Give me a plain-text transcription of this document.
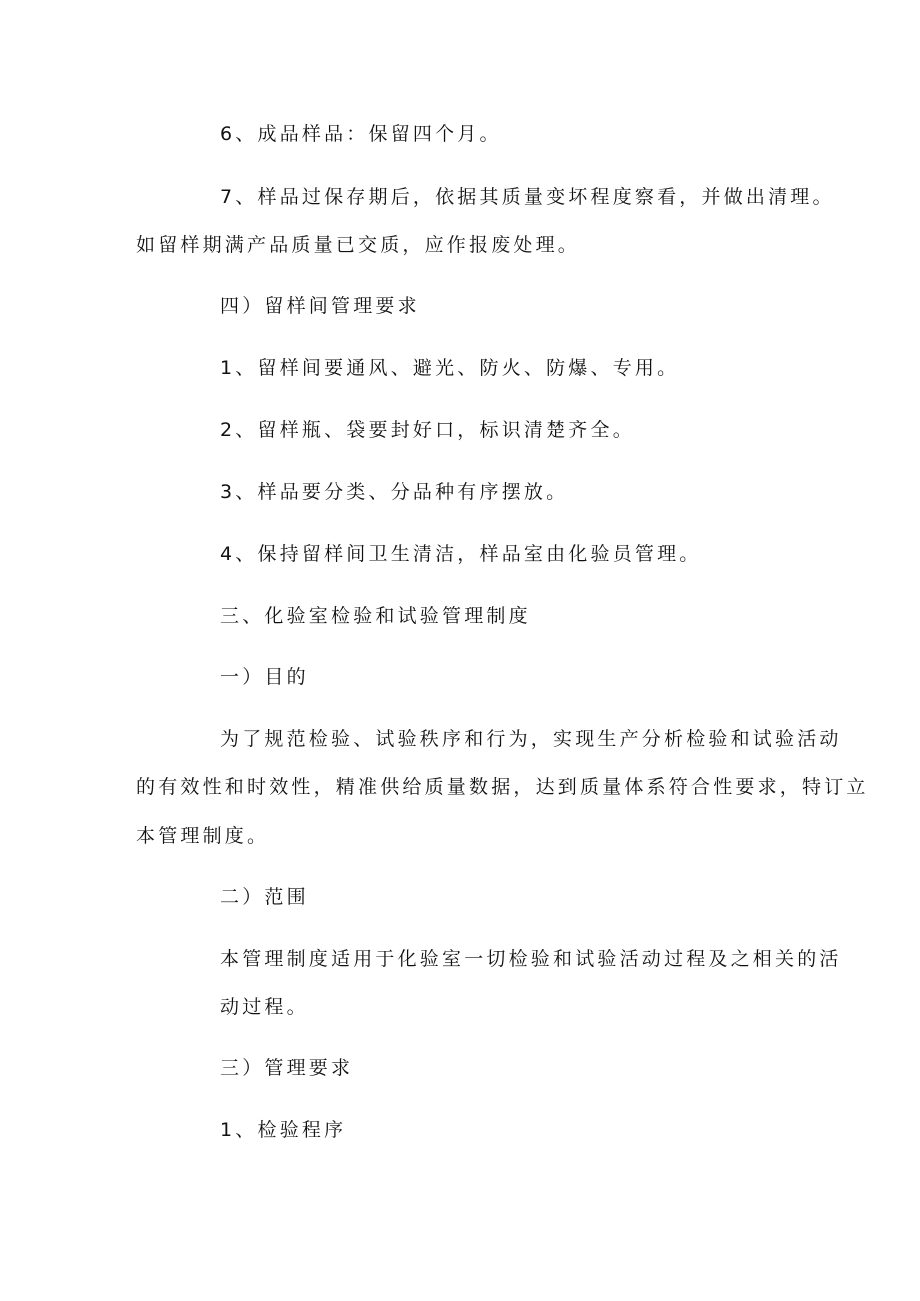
6、成品样品：保留四个月。
7、样品过保存期后，依据其质量变坏程度察看，并做出清理。
如留样期满产品质量已交质，应作报废处理。
四）留样间管理要求
1、留样间要通风、避光、防火、防爆、专用。
2、留样瓶、袋要封好口，标识清楚齐全。
3、样品要分类、分品种有序摆放。
4、保持留样间卫生清洁，样品室由化验员管理。
三、化验室检验和试验管理制度
一）目的
为了规范检验、试验秩序和行为，实现生产分析检验和试验活动
的有效性和时效性，精准供给质量数据，达到质量体系符合性要求，特订立
本管理制度。
二）范围
本管理制度适用于化验室一切检验和试验活动过程及之相关的活
动过程。
三）管理要求
1、检验程序
